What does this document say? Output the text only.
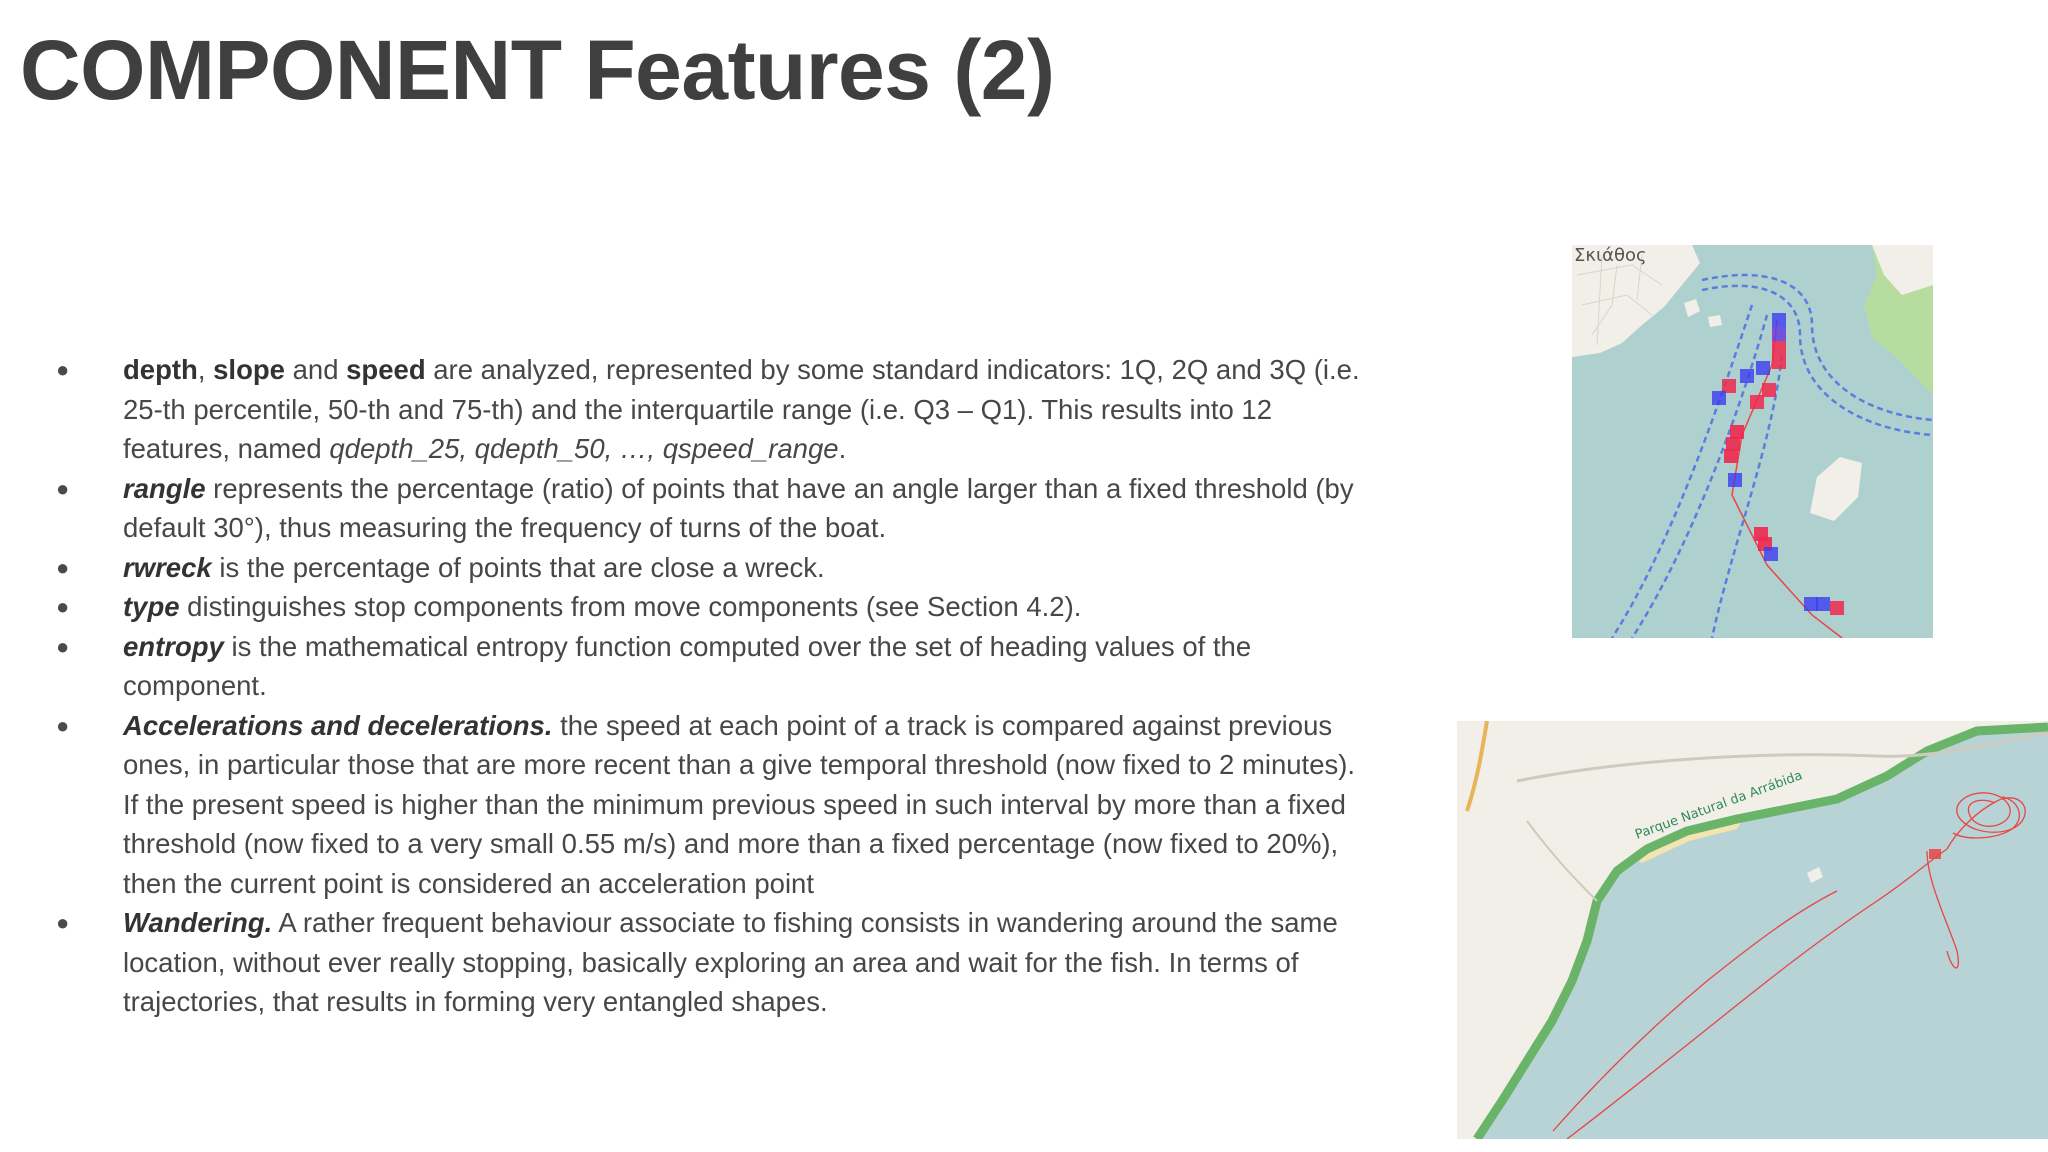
COMPONENT Features (2)
● depth, slope and speed are analyzed, represented by some standard indicators: 1Q, 2Q and 3Q (i.e. 25-th percentile, 50-th and 75-th) and the interquartile range (i.e. Q3 – Q1). This results into 12 features, named qdepth_25, qdepth_50, …, qspeed_range.
● rangle represents the percentage (ratio) of points that have an angle larger than a fixed threshold (by default 30°), thus measuring the frequency of turns of the boat.
● rwreck is the percentage of points that are close a wreck.
● type distinguishes stop components from move components (see Section 4.2).
● entropy is the mathematical entropy function computed over the set of heading values of the component.
● Accelerations and decelerations. the speed at each point of a track is compared against previous ones, in particular those that are more recent than a give temporal threshold (now fixed to 2 minutes). If the present speed is higher than the minimum previous speed in such interval by more than a fixed threshold (now fixed to a very small 0.55 m/s) and more than a fixed percentage (now fixed to 20%), then the current point is considered an acceleration point
● Wandering. A rather frequent behaviour associate to fishing consists in wandering around the same location, without ever really stopping, basically exploring an area and wait for the fish. In terms of trajectories, that results in forming very entangled shapes.
Σκιάθος
Parque Natural da Arrábida
